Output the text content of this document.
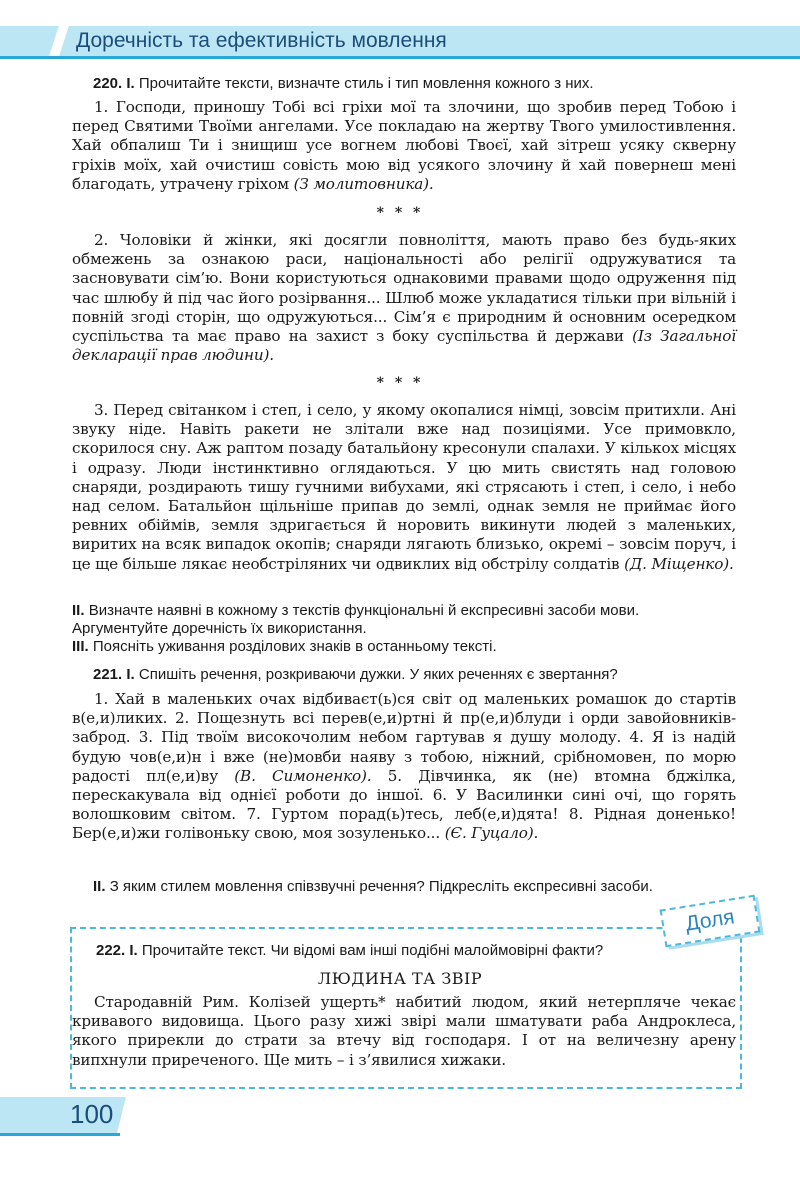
Доречність та ефективність мовлення
220. І. Прочитайте тексти, визначте стиль і тип мовлення кожного з них.
1. Господи, приношу Тобі всі гріхи мої та злочини, що зробив перед Тобою і перед Святими Твоїми ангелами. Усе покладаю на жертву Твого умилостивлення. Хай обпалиш Ти і знищиш усе вогнем любові Твоєї, хай зітреш усяку скверну гріхів моїх, хай очистиш совість мою від усякого злочину й хай повернеш мені благодать, утрачену гріхом (З молитовника).
* * *
2. Чоловіки й жінки, які досягли повноліття, мають право без будь-яких обмежень за ознакою раси, національності або релігії одружуватися та засновувати сім’ю. Вони користуються однаковими правами щодо одруження під час шлюбу й під час його розірвання... Шлюб може укладатися тільки при вільній і повній згоді сторін, що одружуються... Сім’я є природним й основним осередком суспільства та має право на захист з боку суспільства й держави (Із Загальної декларації прав людини).
* * *
3. Перед світанком і степ, і село, у якому окопалися німці, зовсім притихли. Ані звуку ніде. Навіть ракети не злітали вже над позиціями. Усе примовкло, скорилося сну. Аж раптом позаду батальйону кресонули спалахи. У кількох місцях і одразу. Люди інстинктивно оглядаються. У цю мить свистять над головою снаряди, роздирають тишу гучними вибухами, які стрясають і степ, і село, і небо над селом. Батальйон щільніше припав до землі, однак земля не приймає його ревних обіймів, земля здригається й норовить викинути людей з маленьких, виритих на всяк випадок окопів; снаряди лягають близько, окремі – зовсім поруч, і це ще більше лякає необстріляних чи одвиклих від обстрілу солдатів (Д. Міщенко).
ІІ. Визначте наявні в кожному з текстів функціональні й експресивні засоби мови.
Аргументуйте доречність їх використання.
ІІІ. Поясніть уживання розділових знаків в останньому тексті.
221. І. Спишіть речення, розкриваючи дужки. У яких реченнях є звертання?
1. Хай в маленьких очах відбиваєт(ь)ся світ од маленьких ромашок до стартів в(е,и)ликих. 2. Пощезнуть всі перев(е,и)ртні й пр(е,и)блуди і орди завойовників-заброд. 3. Під твоїм високочолим небом гартував я душу молоду. 4. Я із надій будую чов(е,и)н і вже (не)мовби наяву з тобою, ніжний, срібномовен, по морю радості пл(е,и)ву (В. Симоненко). 5. Дівчинка, як (не) втомна бджілка, перескакувала від однієї роботи до іншої. 6. У Василинки сині очі, що горять волошковим світом. 7. Гуртом порад(ь)тесь, леб(е,и)дята! 8. Рідная доненько! Бер(е,и)жи голівоньку свою, моя зозуленько... (Є. Гуцало).
ІІ. З яким стилем мовлення співзвучні речення? Підкресліть експресивні засоби.
Доля
222. І. Прочитайте текст. Чи відомі вам інші подібні малоймовірні факти?
ЛЮДИНА ТА ЗВІР
Стародавній Рим. Колізей ущерть* набитий людом, який нетерпляче чекає кривавого видовища. Цього разу хижі звірі мали шматувати раба Андроклеса, якого прирекли до страти за втечу від господаря. І от на величезну арену випхнули приреченого. Ще мить – і з’явилися хижаки.
100
